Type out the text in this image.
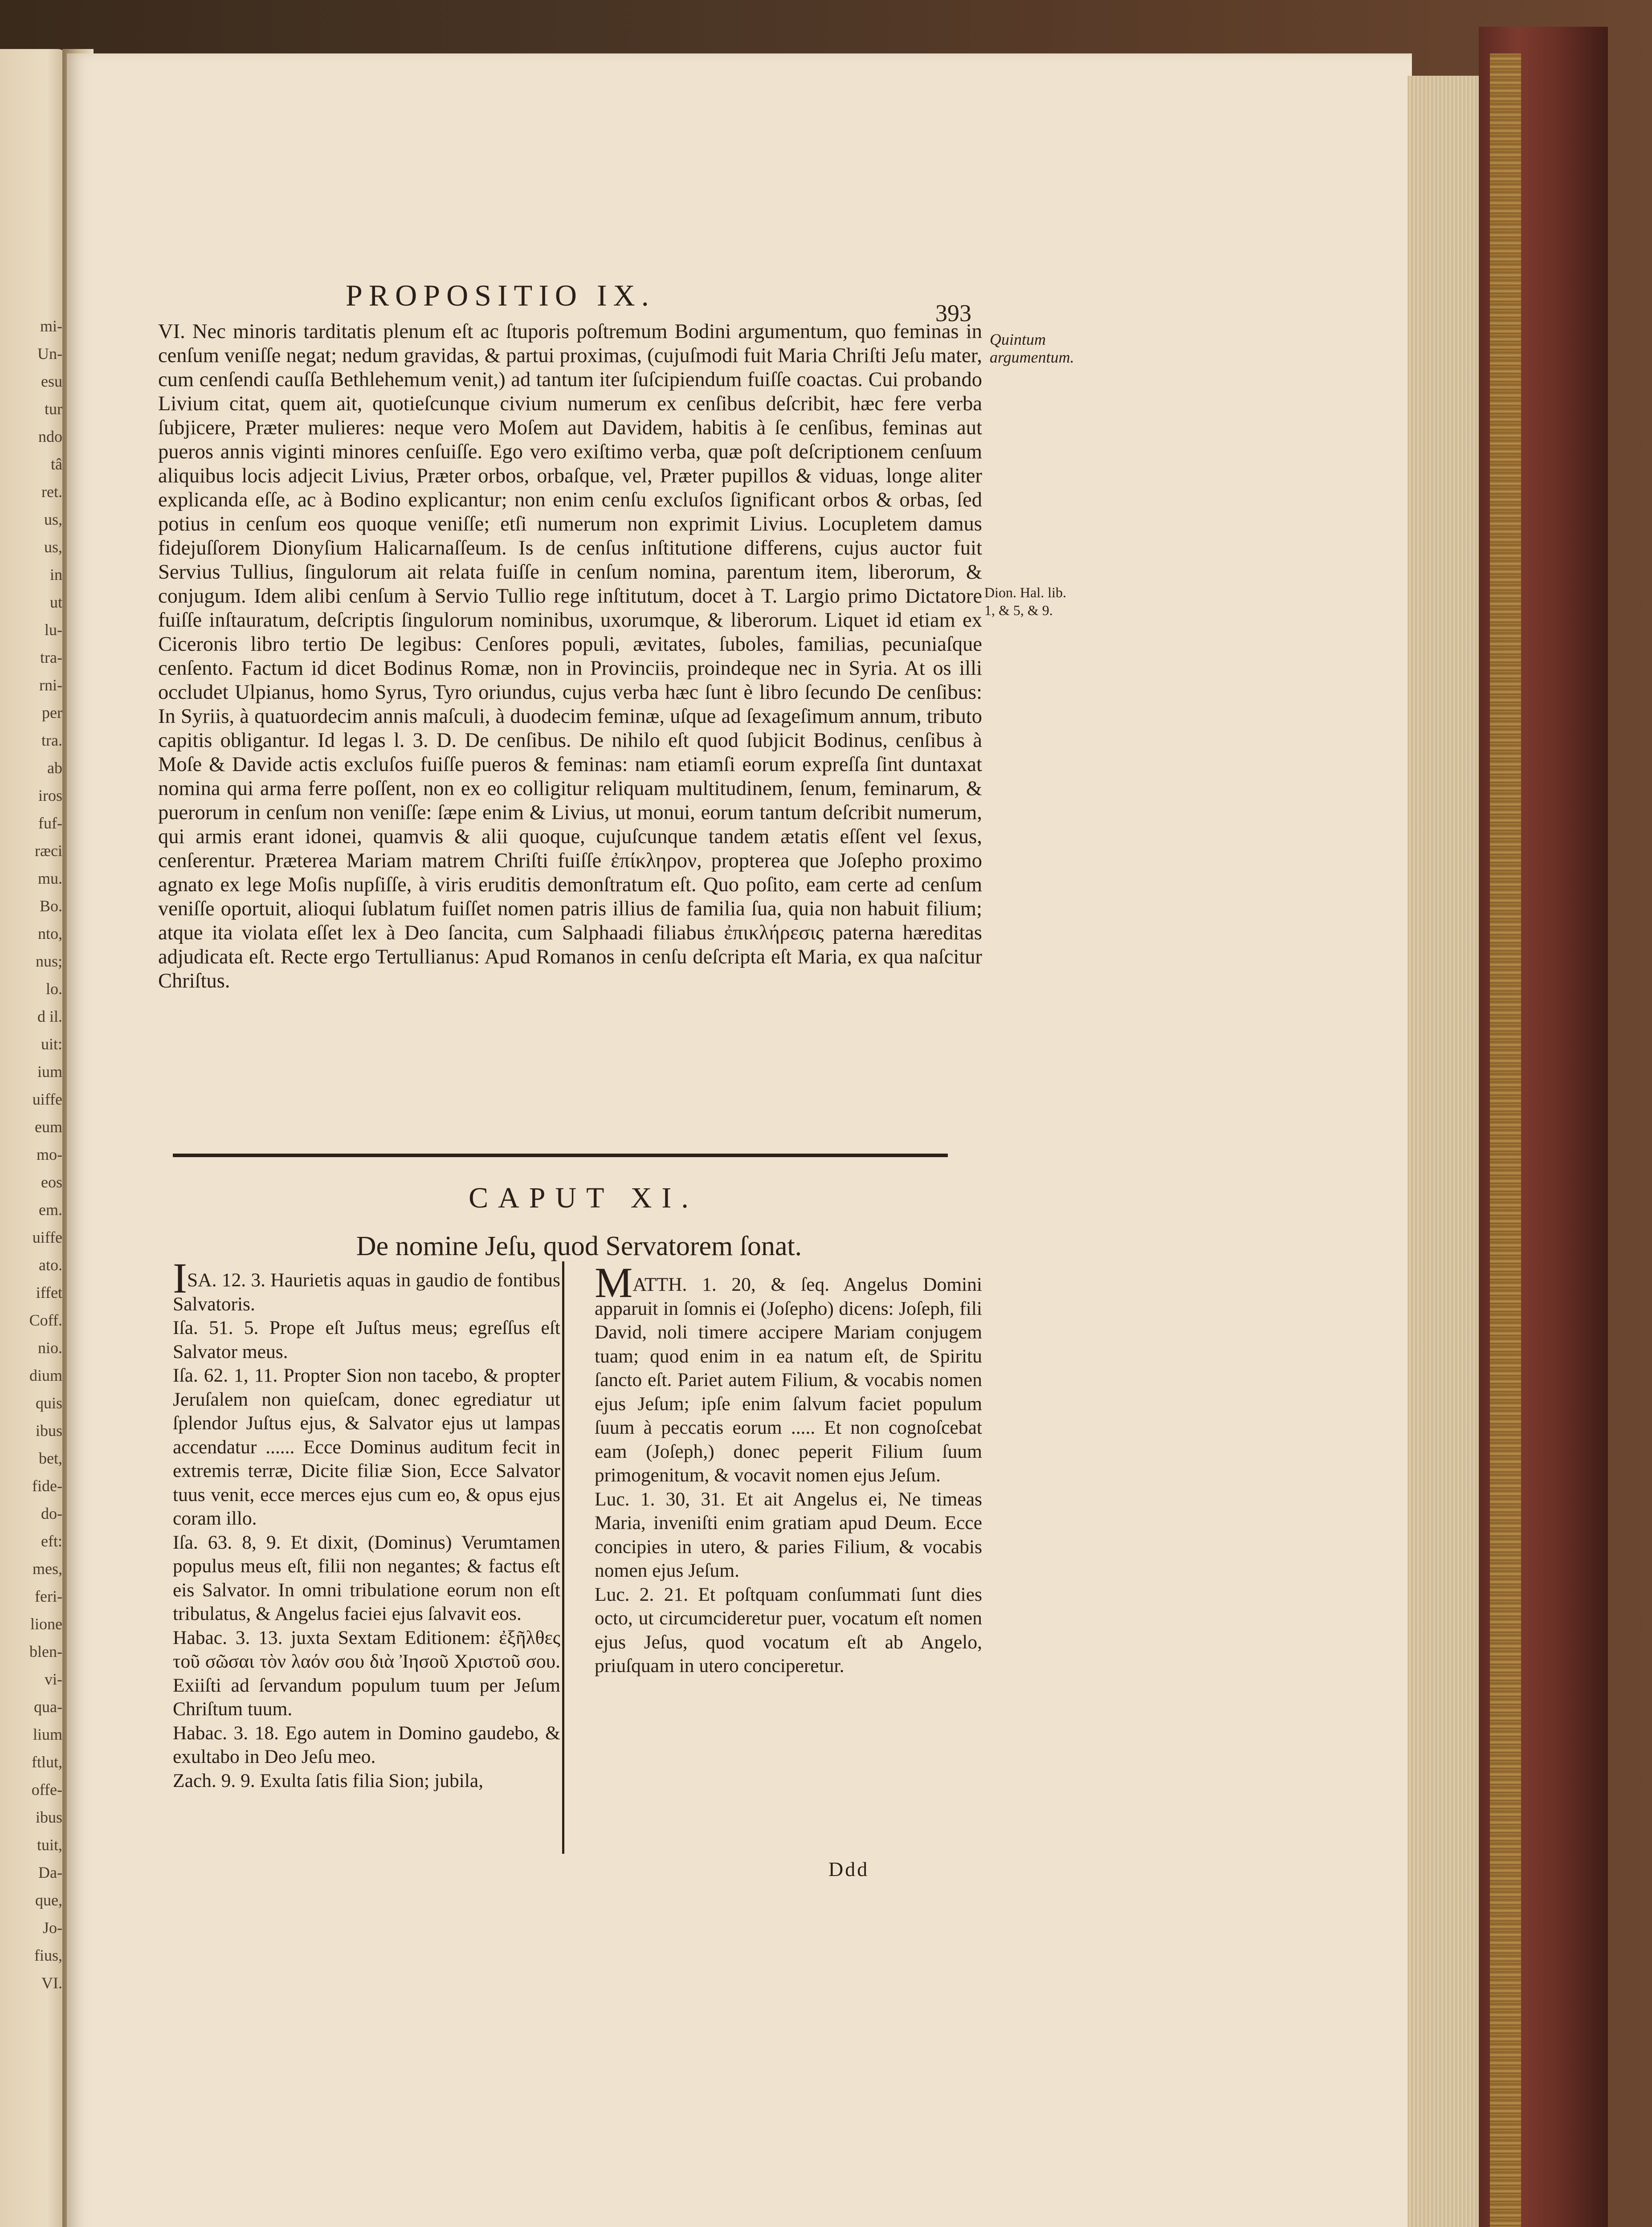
mi-
Un-
esu
tur
ndo
tâ
ret.
us,
us,
in
ut
lu-
tra-
rni-
per
tra.
ab
iros
fuf-
ræci
mu.
Bo.
nto,
nus;
lo.
d il.
uit:
ium
uiffe
eum
mo-
eos
em.
uiffe
ato.
iffet
Coff.
nio.
dium
quis
ibus
bet,
fide-
do-
eft:
mes,
feri-
lione
blen-
vi-
qua-
lium
ftlut,
offe-
ibus
tuit,
Da-
que,
Jo-
fius,
VI.
PROPOSITIO IX.
393

VI. Nec minoris tarditatis plenum eſt ac ſtuporis poſtremum Bodini argumentum, quo feminas in cenſum veniſſe negat; nedum gravidas, & partui proximas, (cujuſmodi fuit Maria Chriſti Jeſu mater, cum cenſendi cauſſa Bethlehemum venit,) ad tantum iter ſuſcipiendum fuiſſe coactas. Cui probando Livium citat, quem ait, quotieſcunque civium numerum ex cenſibus deſcribit, hæc fere verba ſubjicere, Præter mulieres: neque vero Moſem aut Davidem, habitis à ſe cenſibus, feminas aut pueros annis viginti minores cenſuiſſe. Ego vero exiſtimo verba, quæ poſt deſcriptionem cenſuum aliquibus locis adjecit Livius, Præter orbos, orbaſque, vel, Præter pupillos & viduas, longe aliter explicanda eſſe, ac à Bodino explicantur; non enim cenſu excluſos ſignificant orbos & orbas, ſed potius in cenſum eos quoque veniſſe; etſi numerum non exprimit Livius. Locupletem damus fidejuſſorem Dionyſium Halicarnaſſeum. Is de cenſus inſtitutione differens, cujus auctor fuit Servius Tullius, ſingulorum ait relata fuiſſe in cenſum nomina, parentum item, liberorum, & conjugum. Idem alibi cenſum à Servio Tullio rege inſtitutum, docet à T. Largio primo Dictatore fuiſſe inſtauratum, deſcriptis ſingulorum nominibus, uxorumque, & liberorum. Liquet id etiam ex Ciceronis libro tertio De legibus: Cenſores populi, ævitates, ſuboles, familias, pecuniaſque cenſento. Factum id dicet Bodinus Romæ, non in Provinciis, proindeque nec in Syria. At os illi occludet Ulpianus, homo Syrus, Tyro oriundus, cujus verba hæc ſunt è libro ſecundo De cenſibus: In Syriis, à quatuordecim annis maſculi, à duodecim feminæ, uſque ad ſexageſimum annum, tributo capitis obligantur. Id legas l. 3. D. De cenſibus. De nihilo eſt quod ſubjicit Bodinus, cenſibus à Moſe & Davide actis excluſos fuiſſe pueros & feminas: nam etiamſi eorum expreſſa ſint duntaxat nomina qui arma ferre poſſent, non ex eo colligitur reliquam multitudinem, ſenum, feminarum, & puerorum in cenſum non veniſſe: ſæpe enim & Livius, ut monui, eorum tantum deſcribit numerum, qui armis erant idonei, quamvis & alii quoque, cujuſcunque tandem ætatis eſſent vel ſexus, cenſerentur. Præterea Mariam matrem Chriſti fuiſſe ἐπίκληρον, propterea que Joſepho proximo agnato ex lege Moſis nupſiſſe, à viris eruditis demonſtratum eſt. Quo poſito, eam certe ad cenſum veniſſe oportuit, alioqui ſublatum fuiſſet nomen patris illius de familia ſua, quia non habuit filium; atque ita violata eſſet lex à Deo ſancita, cum Salphaadi filiabus ἐπικλήρεσις paterna hæreditas adjudicata eſt. Recte ergo Tertullianus: Apud Romanos in cenſu deſcripta eſt Maria, ex qua naſcitur Chriſtus.

Quintum
argumentum.
Dion. Hal. lib.
1, & 5, & 9.
CAPUT XI.
De nomine Jeſu, quod Servatorem ſonat.

ISA. 12. 3. Haurietis aquas in gaudio de fontibus Salvatoris.

Iſa. 51. 5. Prope eſt Juſtus meus; egreſſus eſt Salvator meus.

Iſa. 62. 1, 11. Propter Sion non tacebo, & propter Jeruſalem non quieſcam, donec egrediatur ut ſplendor Juſtus ejus, & Salvator ejus ut lampas accendatur ...... Ecce Dominus auditum fecit in extremis terræ, Dicite filiæ Sion, Ecce Salvator tuus venit, ecce merces ejus cum eo, & opus ejus coram illo.

Iſa. 63. 8, 9. Et dixit, (Dominus) Verumtamen populus meus eſt, filii non negantes; & factus eſt eis Salvator. In omni tribulatione eorum non eſt tribulatus, & Angelus faciei ejus ſalvavit eos.

Habac. 3. 13. juxta Sextam Editionem: ἐξῆλθες τοῦ σῶσαι τὸν λαόν σου διὰ Ἰησοῦ Χριστοῦ σου. Exiiſti ad ſervandum populum tuum per Jeſum Chriſtum tuum.

Habac. 3. 18. Ego autem in Domino gaudebo, & exultabo in Deo Jeſu meo.

Zach. 9. 9. Exulta ſatis filia Sion; jubila,

MATTH. 1. 20, & ſeq. Angelus Domini apparuit in ſomnis ei (Joſepho) dicens: Joſeph, fili David, noli timere accipere Mariam conjugem tuam; quod enim in ea natum eſt, de Spiritu ſancto eſt. Pariet autem Filium, & vocabis nomen ejus Jeſum; ipſe enim ſalvum faciet populum ſuum à peccatis eorum ..... Et non cognoſcebat eam (Joſeph,) donec peperit Filium ſuum primogenitum, & vocavit nomen ejus Jeſum.

Luc. 1. 30, 31. Et ait Angelus ei, Ne timeas Maria, inveniſti enim gratiam apud Deum. Ecce concipies in utero, & paries Filium, & vocabis nomen ejus Jeſum.

Luc. 2. 21. Et poſtquam conſummati ſunt dies octo, ut circumcideretur puer, vocatum eſt nomen ejus Jeſus, quod vocatum eſt ab Angelo, priuſquam in utero conciperetur.

Ddd
